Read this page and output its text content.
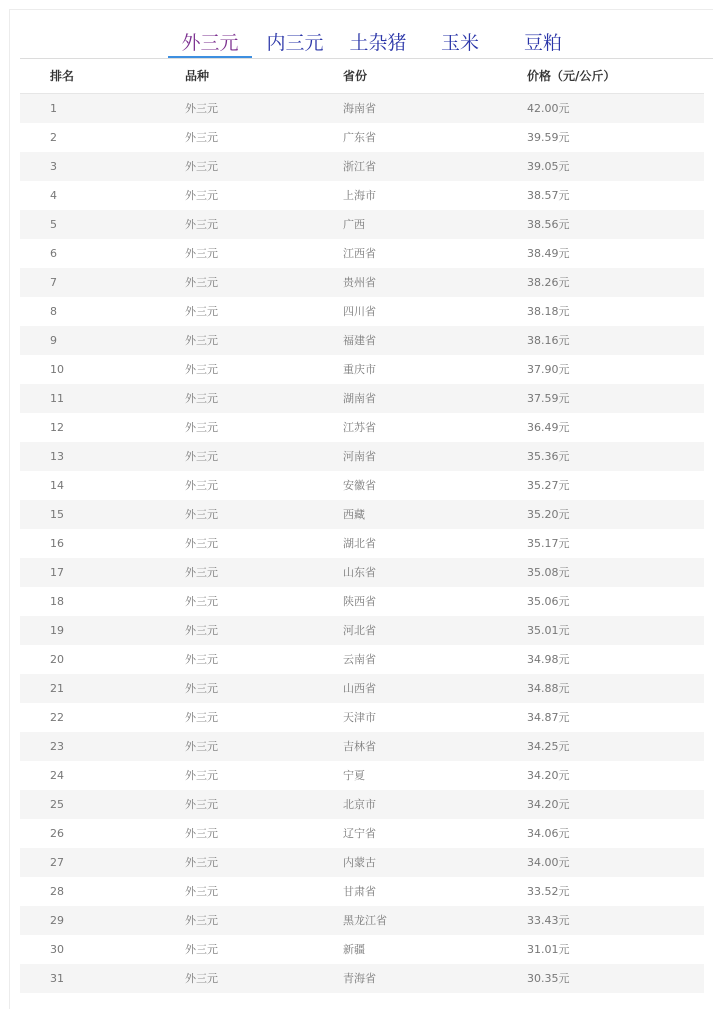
外三元	内三元	土杂猪	玉米	豆粕
排名	品种	省份	价格（元/公斤）
1	外三元	海南省	42.00元
2	外三元	广东省	39.59元
3	外三元	浙江省	39.05元
4	外三元	上海市	38.57元
5	外三元	广西	38.56元
6	外三元	江西省	38.49元
7	外三元	贵州省	38.26元
8	外三元	四川省	38.18元
9	外三元	福建省	38.16元
10	外三元	重庆市	37.90元
11	外三元	湖南省	37.59元
12	外三元	江苏省	36.49元
13	外三元	河南省	35.36元
14	外三元	安徽省	35.27元
15	外三元	西藏	35.20元
16	外三元	湖北省	35.17元
17	外三元	山东省	35.08元
18	外三元	陕西省	35.06元
19	外三元	河北省	35.01元
20	外三元	云南省	34.98元
21	外三元	山西省	34.88元
22	外三元	天津市	34.87元
23	外三元	吉林省	34.25元
24	外三元	宁夏	34.20元
25	外三元	北京市	34.20元
26	外三元	辽宁省	34.06元
27	外三元	内蒙古	34.00元
28	外三元	甘肃省	33.52元
29	外三元	黑龙江省	33.43元
30	外三元	新疆	31.01元
31	外三元	青海省	30.35元
